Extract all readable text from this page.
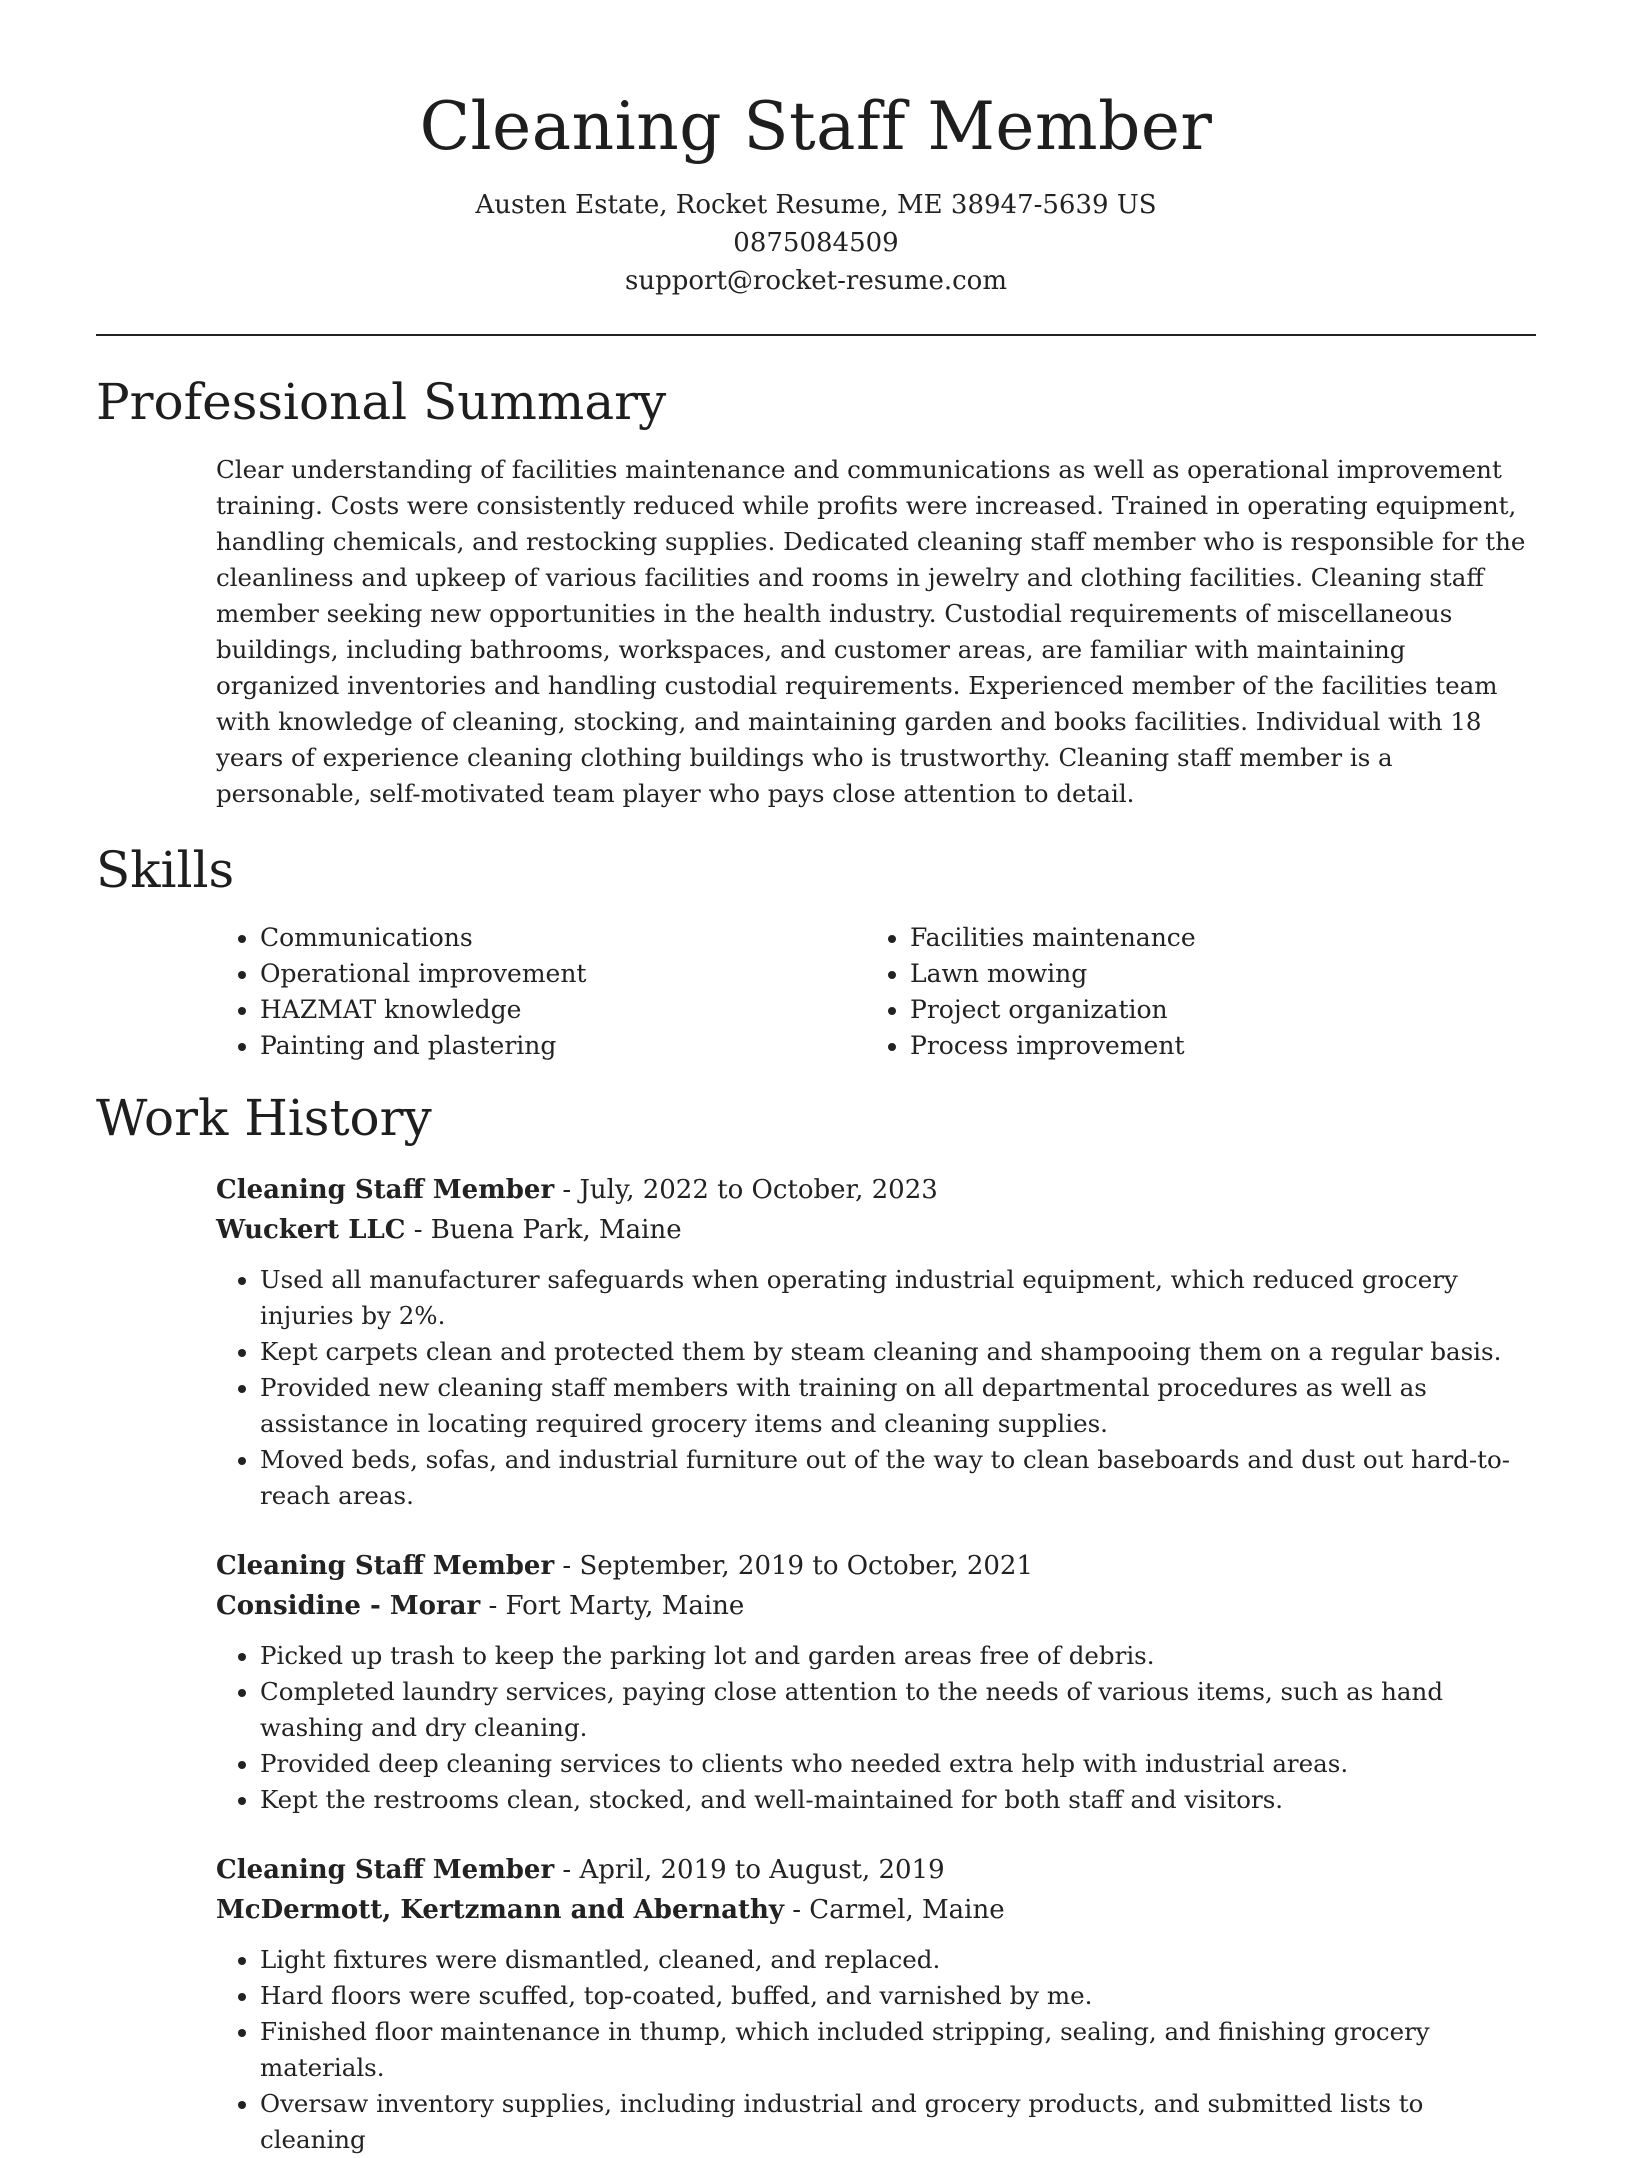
Cleaning Staff Member
Austen Estate, Rocket Resume, ME 38947-5639 US
0875084509
support@rocket-resume.com
Professional Summary

Clear understanding of facilities maintenance and communications as well as operational improvement training. Costs were consistently reduced while profits were increased. Trained in operating equipment, handling chemicals, and restocking supplies. Dedicated cleaning staff member who is responsible for the cleanliness and upkeep of various facilities and rooms in jewelry and clothing facilities. Cleaning staff member seeking new opportunities in the health industry. Custodial requirements of miscellaneous buildings, including bathrooms, workspaces, and customer areas, are familiar with maintaining organized inventories and handling custodial requirements. Experienced member of the facilities team with knowledge of cleaning, stocking, and maintaining garden and books facilities. Individual with 18 years of experience cleaning clothing buildings who is trustworthy. Cleaning staff member is a personable, self-motivated team player who pays close attention to detail.

Skills
• Communications
• Operational improvement
• HAZMAT knowledge
• Painting and plastering
• Facilities maintenance
• Lawn mowing
• Project organization
• Process improvement
Work History
Cleaning Staff Member - July, 2022 to October, 2023
Wuckert LLC - Buena Park, Maine
• Used all manufacturer safeguards when operating industrial equipment, which reduced grocery injuries by 2%.
• Kept carpets clean and protected them by steam cleaning and shampooing them on a regular basis.
• Provided new cleaning staff members with training on all departmental procedures as well as assistance in locating required grocery items and cleaning supplies.
• Moved beds, sofas, and industrial furniture out of the way to clean baseboards and dust out hard-to-reach areas.
Cleaning Staff Member - September, 2019 to October, 2021
Considine - Morar - Fort Marty, Maine
• Picked up trash to keep the parking lot and garden areas free of debris.
• Completed laundry services, paying close attention to the needs of various items, such as hand washing and dry cleaning.
• Provided deep cleaning services to clients who needed extra help with industrial areas.
• Kept the restrooms clean, stocked, and well-maintained for both staff and visitors.
Cleaning Staff Member - April, 2019 to August, 2019
McDermott, Kertzmann and Abernathy - Carmel, Maine
• Light fixtures were dismantled, cleaned, and replaced.
• Hard floors were scuffed, top-coated, buffed, and varnished by me.
• Finished floor maintenance in thump, which included stripping, sealing, and finishing grocery materials.
• Oversaw inventory supplies, including industrial and grocery products, and submitted lists to cleaning
